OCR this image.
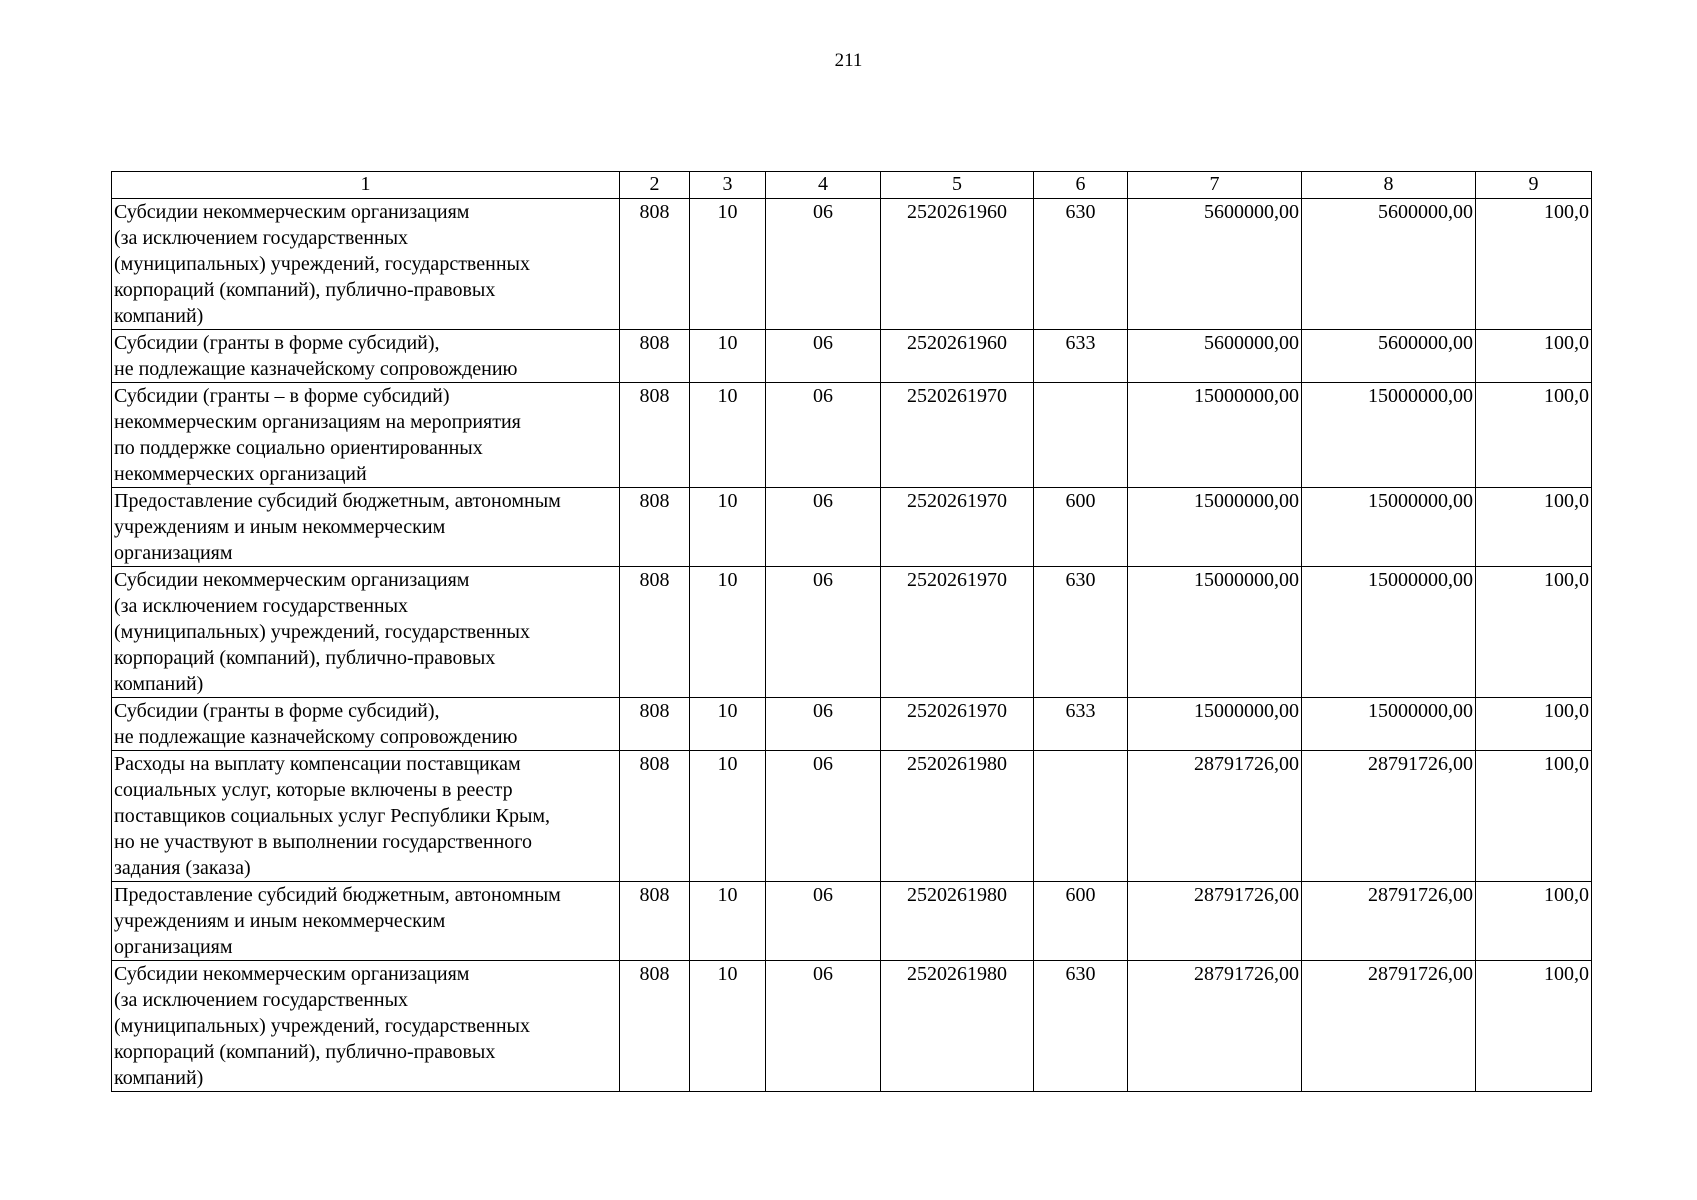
211
1	2	3	4	5	6	7	8	9
Субсидии некоммерческим организациям
(за исключением государственных
(муниципальных) учреждений, государственных
корпораций (компаний), публично-правовых
компаний)	808	10	06	2520261960	630	5600000,00	5600000,00	100,0
Субсидии (гранты в форме субсидий),
не подлежащие казначейскому сопровождению	808	10	06	2520261960	633	5600000,00	5600000,00	100,0
Субсидии (гранты – в форме субсидий)
некоммерческим организациям на мероприятия
по поддержке социально ориентированных
некоммерческих организаций	808	10	06	2520261970		15000000,00	15000000,00	100,0
Предоставление субсидий бюджетным, автономным
учреждениям и иным некоммерческим
организациям	808	10	06	2520261970	600	15000000,00	15000000,00	100,0
Субсидии некоммерческим организациям
(за исключением государственных
(муниципальных) учреждений, государственных
корпораций (компаний), публично-правовых
компаний)	808	10	06	2520261970	630	15000000,00	15000000,00	100,0
Субсидии (гранты в форме субсидий),
не подлежащие казначейскому сопровождению	808	10	06	2520261970	633	15000000,00	15000000,00	100,0
Расходы на выплату компенсации поставщикам
социальных услуг, которые включены в реестр
поставщиков социальных услуг Республики Крым,
но не участвуют в выполнении государственного
задания (заказа)	808	10	06	2520261980		28791726,00	28791726,00	100,0
Предоставление субсидий бюджетным, автономным
учреждениям и иным некоммерческим
организациям	808	10	06	2520261980	600	28791726,00	28791726,00	100,0
Субсидии некоммерческим организациям
(за исключением государственных
(муниципальных) учреждений, государственных
корпораций (компаний), публично-правовых
компаний)	808	10	06	2520261980	630	28791726,00	28791726,00	100,0
